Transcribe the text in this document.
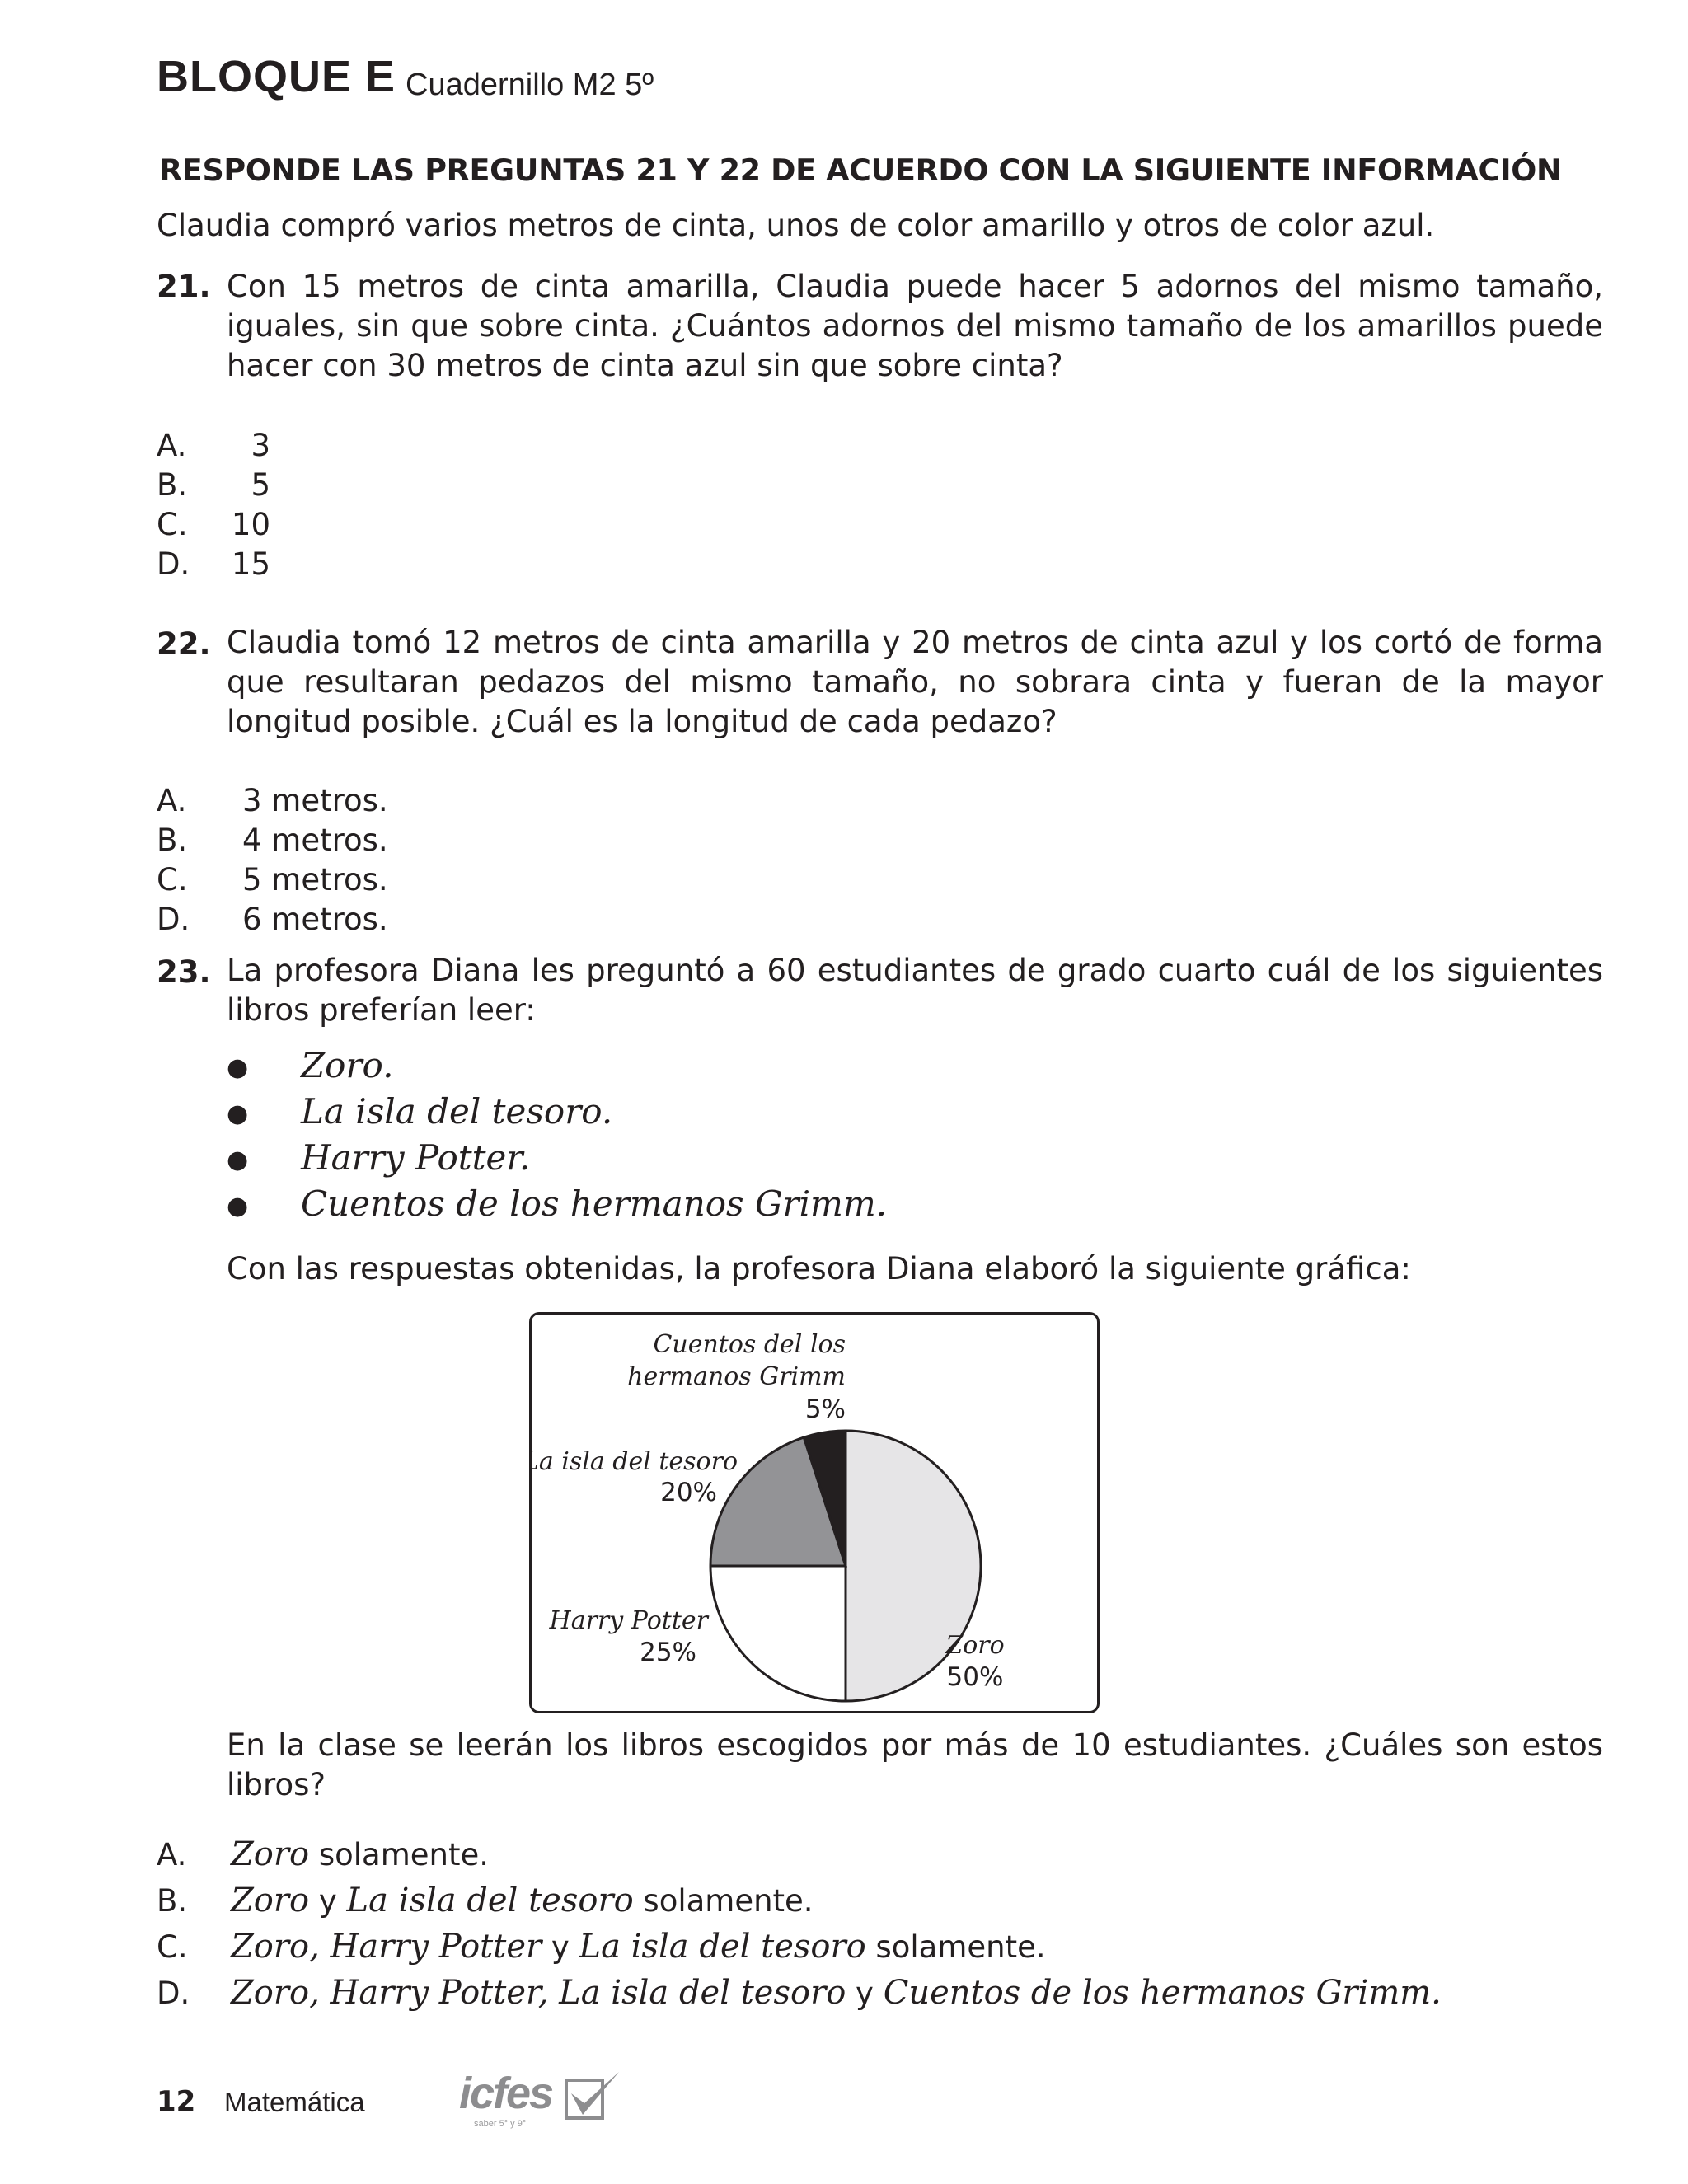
BLOQUE E Cuadernillo M2 5º
RESPONDE LAS PREGUNTAS 21 Y 22 DE ACUERDO CON LA SIGUIENTE INFORMACIÓN
Claudia compró varios metros de cinta, unos de color amarillo y otros de color azul.
21. Con 15 metros de cinta amarilla, Claudia puede hacer 5 adornos del mismo tamaño, iguales, sin que sobre cinta. ¿Cuántos adornos del mismo tamaño de los amarillos puede hacer con 30 metros de cinta azul sin que sobre cinta?
A. 3
B. 5
C. 10
D. 15
22. Claudia tomó 12 metros de cinta amarilla y 20 metros de cinta azul y los cortó de forma que resultaran pedazos del mismo tamaño, no sobrara cinta y fueran de la mayor longitud posible. ¿Cuál es la longitud de cada pedazo?
A. 3 metros.
B. 4 metros.
C. 5 metros.
D. 6 metros.
23. La profesora Diana les preguntó a 60 estudiantes de grado cuarto cuál de los siguientes libros preferían leer:
● Zoro.
● La isla del tesoro.
● Harry Potter.
● Cuentos de los hermanos Grimm.
Con las respuestas obtenidas, la profesora Diana elaboró la siguiente gráfica:
Cuentos del los
hermanos Grimm
5%
La isla del tesoro
20%
Harry Potter
25%	Zoro
50%
En la clase se leerán los libros escogidos por más de 10 estudiantes. ¿Cuáles son estos libros?
A. Zoro solamente.
B. Zoro y La isla del tesoro solamente.
C. Zoro, Harry Potter y La isla del tesoro solamente.
D. Zoro, Harry Potter, La isla del tesoro y Cuentos de los hermanos Grimm.
12 Matemática icfes
saber 5° y 9°
